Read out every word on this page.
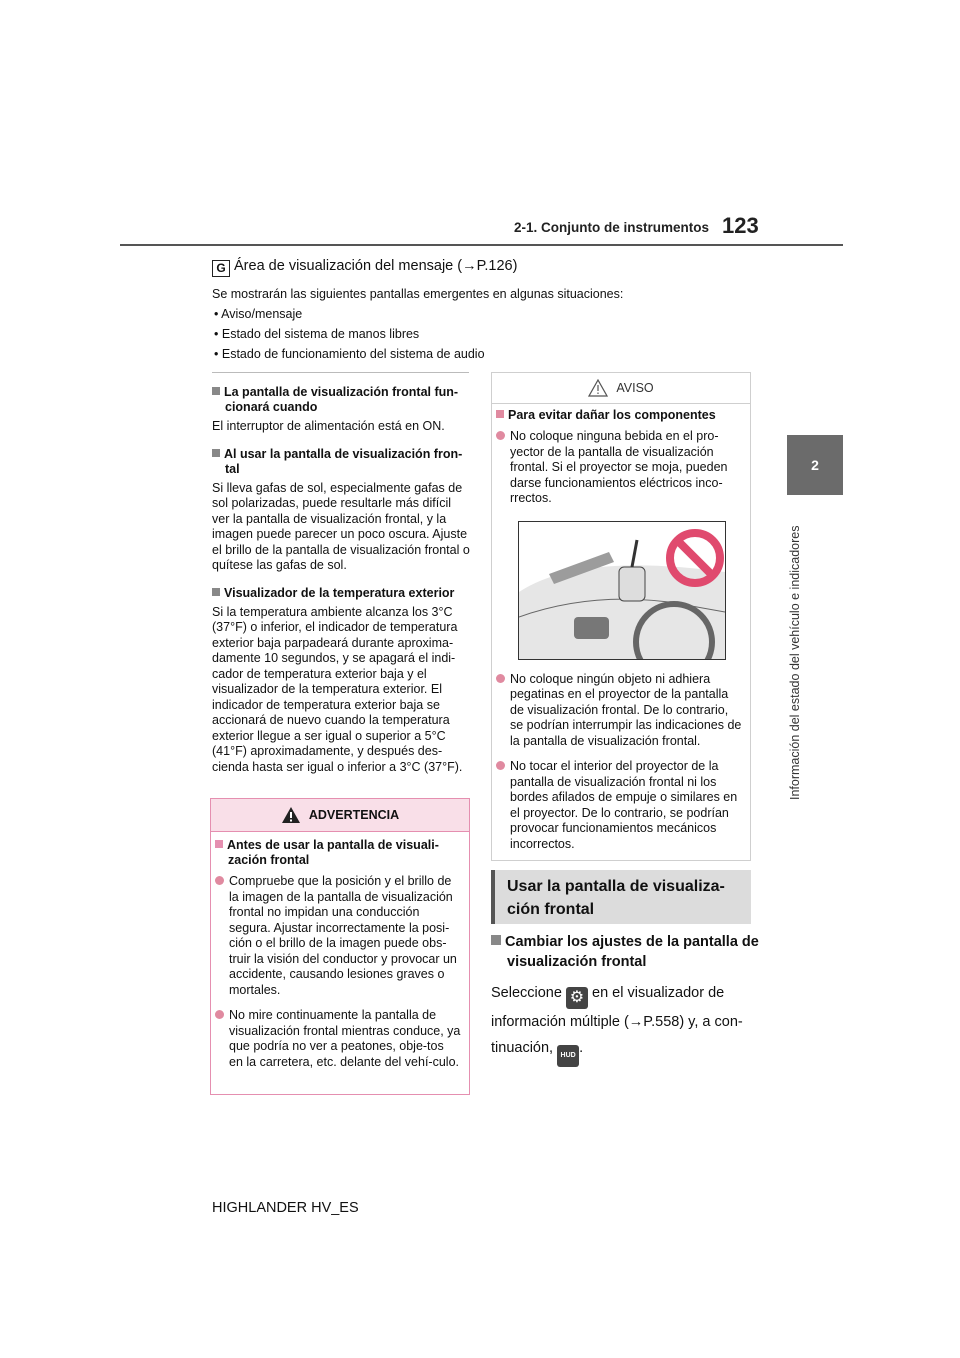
2-1. Conjunto de instrumentos 123
2
Información del estado del vehículo e indicadores
G Área de visualización del mensaje (→P.126)
Se mostrarán las siguientes pantallas emergentes en algunas situaciones:
• Aviso/mensaje
• Estado del sistema de manos libres
• Estado de funcionamiento del sistema de audio
La pantalla de visualización frontal fun-cionará cuando
El interruptor de alimentación está en ON.
Al usar la pantalla de visualización fron-tal
Si lleva gafas de sol, especialmente gafas de sol polarizadas, puede resultarle más difícil ver la pantalla de visualización frontal, y la imagen puede parecer un poco oscura. Ajuste el brillo de la pantalla de visualización frontal o quítese las gafas de sol.
Visualizador de la temperatura exterior
Si la temperatura ambiente alcanza los 3°C (37°F) o inferior, el indicador de temperatura exterior baja parpadeará durante aproxima-damente 10 segundos, y se apagará el indi-cador de temperatura exterior baja y el visualizador de la temperatura exterior. El indicador de temperatura exterior baja se accionará de nuevo cuando la temperatura exterior llegue a ser igual o superior a 5°C (41°F) aproximadamente, y después des-cienda hasta ser igual o inferior a 3°C (37°F).
ADVERTENCIA
Antes de usar la pantalla de visuali-zación frontal
Compruebe que la posición y el brillo de la imagen de la pantalla de visualización frontal no impidan una conducción segura. Ajustar incorrectamente la posi-ción o el brillo de la imagen puede obs-truir la visión del conductor y provocar un accidente, causando lesiones graves o mortales.
No mire continuamente la pantalla de visualización frontal mientras conduce, ya que podría no ver a peatones, obje-tos en la carretera, etc. delante del vehí-culo.
AVISO
Para evitar dañar los componentes
No coloque ninguna bebida en el pro-yector de la pantalla de visualización frontal. Si el proyector se moja, pueden darse funcionamientos eléctricos inco-rrectos.
No coloque ningún objeto ni adhiera pegatinas en el proyector de la pantalla de visualización frontal. De lo contrario, se podrían interrumpir las indicaciones de la pantalla de visualización frontal.
No tocar el interior del proyector de la pantalla de visualización frontal ni los bordes afilados de empuje o similares en el proyector. De lo contrario, se podrían provocar funcionamientos mecánicos incorrectos.
Usar la pantalla de visualiza-ción frontal
Cambiar los ajustes de la pantalla de visualización frontal
Seleccione ⚙ en el visualizador de información múltiple (→P.558) y, a con-tinuación, HUD .
HIGHLANDER HV_ES
